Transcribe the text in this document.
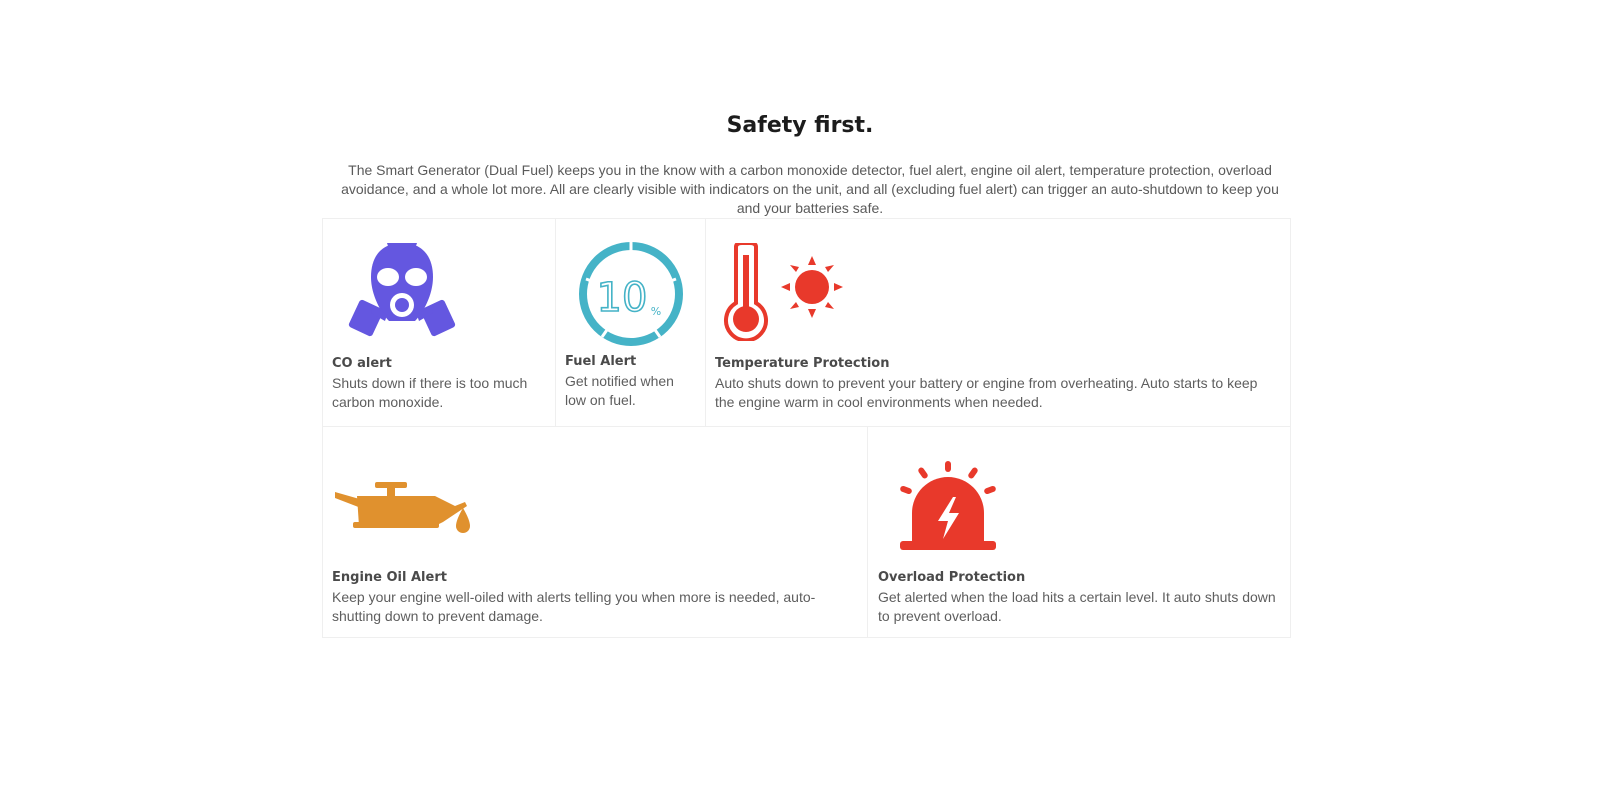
Safety first.

The Smart Generator (Dual Fuel) keeps you in the know with a carbon monoxide detector, fuel alert, engine oil alert, temperature protection, overload avoidance, and a whole lot more. All are clearly visible with indicators on the unit, and all (excluding fuel alert) can trigger an auto-shutdown to keep you and your batteries safe.

CO alert

Shuts down if there is too much carbon monoxide.

10 %
Fuel Alert

Get notified when low on fuel.

Temperature Protection

Auto shuts down to prevent your battery or engine from overheating. Auto starts to keep the engine warm in cool environments when needed.

Engine Oil Alert

Keep your engine well-oiled with alerts telling you when more is needed, auto-shutting down to prevent damage.

Overload Protection

Get alerted when the load hits a certain level. It auto shuts down to prevent overload.
